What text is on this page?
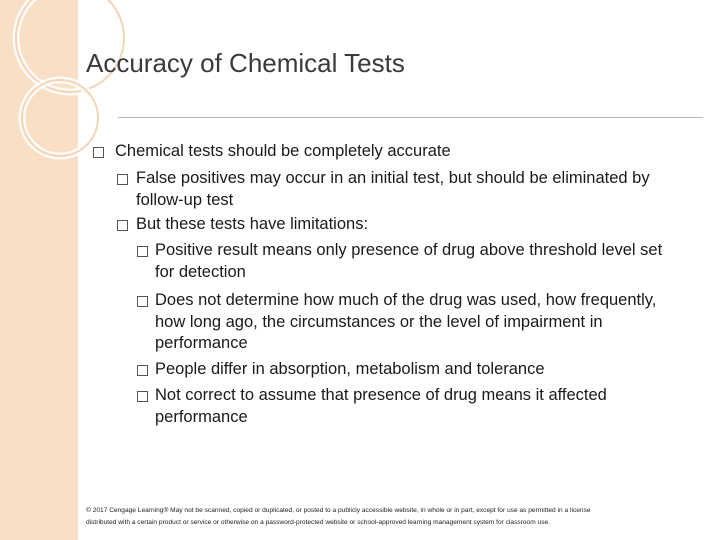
Accuracy of Chemical Tests
Chemical tests should be completely accurate
False positives may occur in an initial test, but should be eliminated by
follow-up test
But these tests have limitations:
Positive result means only presence of drug above threshold level set
for detection
Does not determine how much of the drug was used, how frequently,
how long ago, the circumstances or the level of impairment in
performance
People differ in absorption, metabolism and tolerance
Not correct to assume that presence of drug means it affected
performance
© 2017 Cengage Learning® May not be scanned, copied or duplicated, or posted to a publicly accessible website, in whole or in part, except for use as permitted in a license
distributed with a certain product or service or otherwise on a password-protected website or school-approved learning management system for classroom use.
